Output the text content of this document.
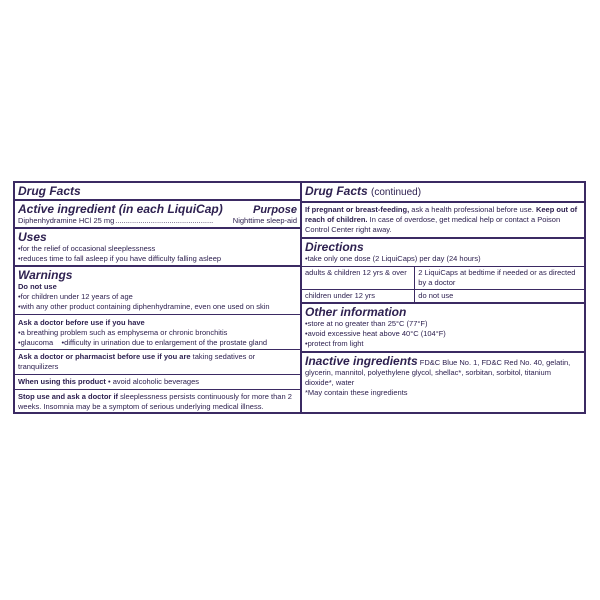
Drug Facts
Active ingredient (in each LiquiCap)	Purpose
Diphenhydramine HCl 25 mg ...............................................	Nighttime sleep-aid
Uses
• for the relief of occasional sleeplessness
• reduces time to fall asleep if you have difficulty falling asleep
Warnings
Do not use
• for children under 12 years of age
• with any other product containing diphenhydramine, even one used on skin
Ask a doctor before use if you have
• a breathing problem such as emphysema or chronic bronchitis
• glaucoma • difficulty in urination due to enlargement of the prostate gland
Ask a doctor or pharmacist before use if you are taking sedatives or tranquilizers
When using this product • avoid alcoholic beverages
Stop use and ask a doctor if sleeplessness persists continuously for more than 2 weeks. Insomnia may be a symptom of serious underlying medical illness.
Drug Facts (continued)
If pregnant or breast-feeding, ask a health professional before use. Keep out of reach of children. In case of overdose, get medical help or contact a Poison Control Center right away.
Directions
• take only one dose (2 LiquiCaps) per day (24 hours)
adults & children 12 yrs & over	2 LiquiCaps at bedtime if needed or as directed by a doctor
children under 12 yrs	do not use
Other information
• store at no greater than 25°C (77°F)
• avoid excessive heat above 40°C (104°F)
• protect from light
Inactive ingredients FD&C Blue No. 1, FD&C Red No. 40, gelatin, glycerin, mannitol, polyethylene glycol, shellac*, sorbitan, sorbitol, titanium dioxide*, water
*May contain these ingredients
